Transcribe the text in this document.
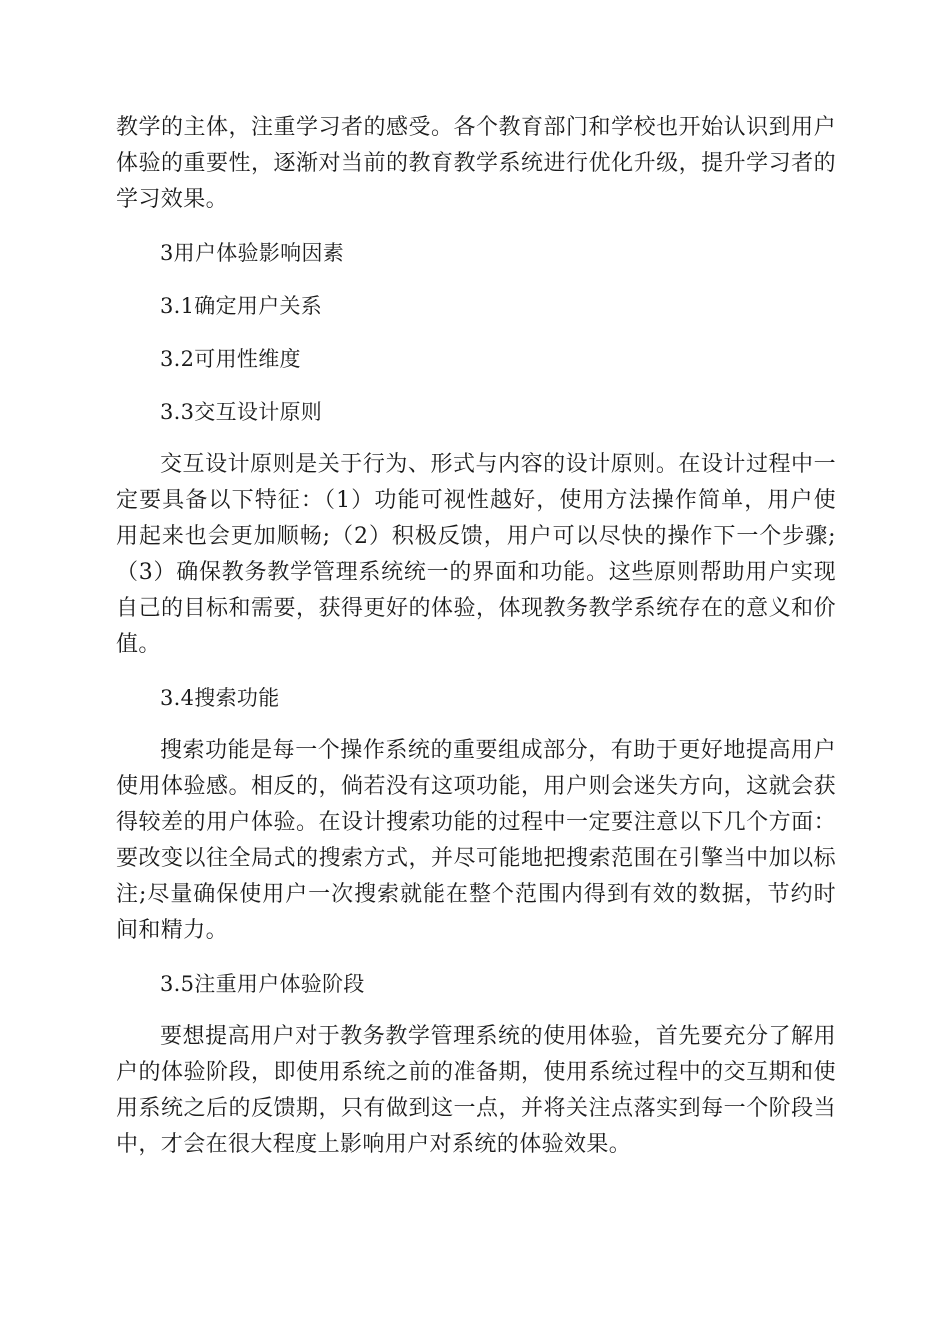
教学的主体，注重学习者的感受。各个教育部门和学校也开始认识到用户体验的重要性，逐渐对当前的教育教学系统进行优化升级，提升学习者的学习效果。

3用户体验影响因素

3.1确定用户关系

3.2可用性维度

3.3交互设计原则

交互设计原则是关于行为、形式与内容的设计原则。在设计过程中一定要具备以下特征：（1）功能可视性越好，使用方法操作简单，用户使用起来也会更加顺畅;（2）积极反馈，用户可以尽快的操作下一个步骤;（3）确保教务教学管理系统统一的界面和功能。这些原则帮助用户实现自己的目标和需要，获得更好的体验，体现教务教学系统存在的意义和价值。

3.4搜索功能

搜索功能是每一个操作系统的重要组成部分，有助于更好地提高用户使用体验感。相反的，倘若没有这项功能，用户则会迷失方向，这就会获得较差的用户体验。在设计搜索功能的过程中一定要注意以下几个方面：要改变以往全局式的搜索方式，并尽可能地把搜索范围在引擎当中加以标注;尽量确保使用户一次搜索就能在整个范围内得到有效的数据，节约时间和精力。

3.5注重用户体验阶段

要想提高用户对于教务教学管理系统的使用体验，首先要充分了解用户的体验阶段，即使用系统之前的准备期，使用系统过程中的交互期和使用系统之后的反馈期，只有做到这一点，并将关注点落实到每一个阶段当中，才会在很大程度上影响用户对系统的体验效果。
